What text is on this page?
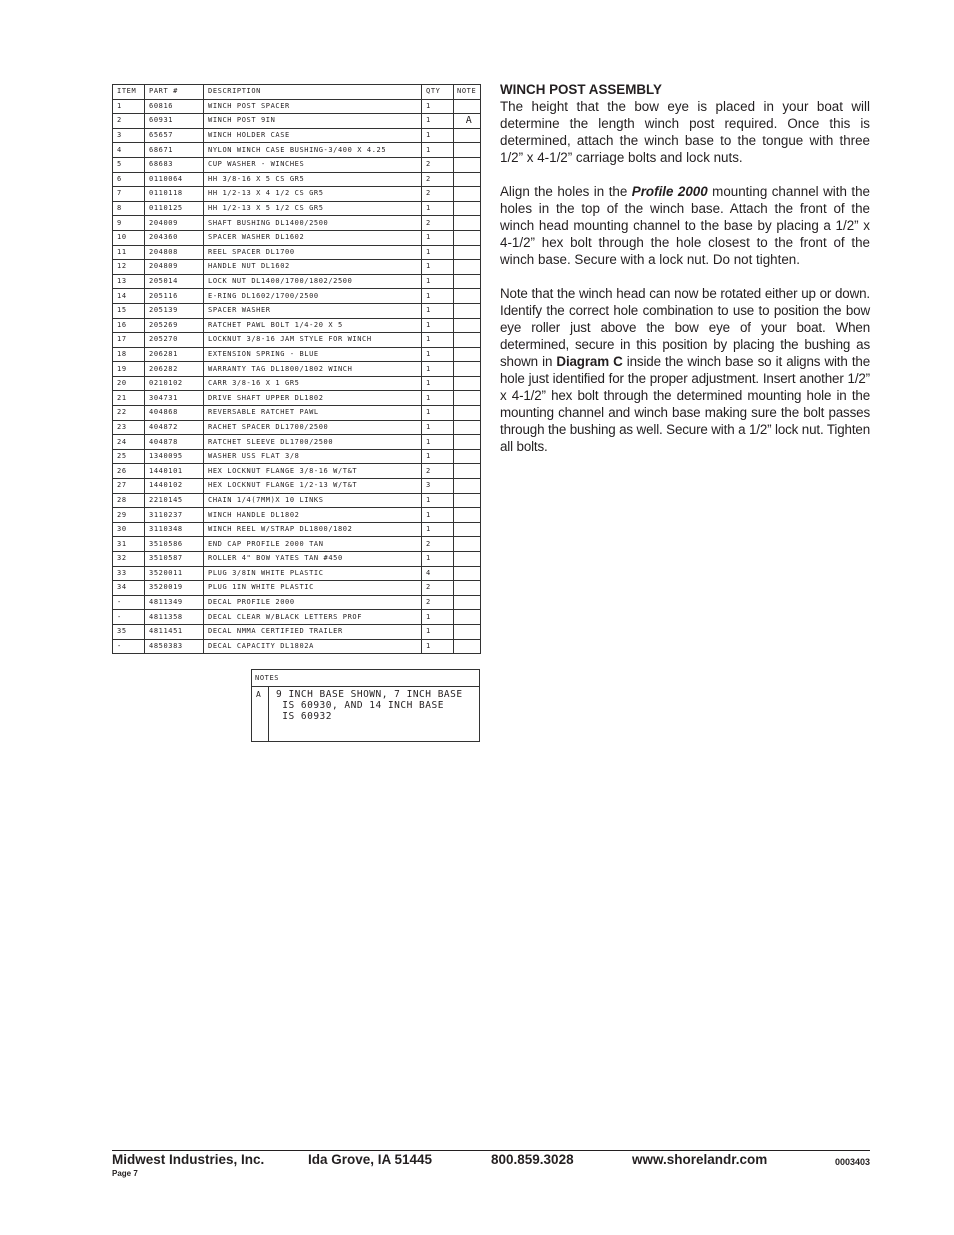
ITEM	PART #	DESCRIPTION	QTY	NOTE
1	60816	WINCH POST SPACER	1	
2	60931	WINCH POST 9IN	1	A
3	65657	WINCH HOLDER CASE	1	
4	68671	NYLON WINCH CASE BUSHING-3/400 X 4.25	1	
5	68683	CUP WASHER - WINCHES	2	
6	0110064	HH 3/8-16 X 5 CS GR5	2	
7	0110118	HH 1/2-13 X 4 1/2 CS GR5	2	
8	0110125	HH 1/2-13 X 5 1/2 CS GR5	1	
9	204009	SHAFT BUSHING DL1400/2500	2	
10	204360	SPACER WASHER DL1602	1	
11	204808	REEL SPACER DL1700	1	
12	204809	HANDLE NUT DL1602	1	
13	205014	LOCK NUT DL1400/1700/1802/2500	1	
14	205116	E-RING DL1602/1700/2500	1	
15	205139	SPACER WASHER	1	
16	205269	RATCHET PAWL BOLT 1/4-20 X 5	1	
17	205270	LOCKNUT 3/8-16 JAM STYLE FOR WINCH	1	
18	206281	EXTENSION SPRING - BLUE	1	
19	206282	WARRANTY TAG DL1800/1802 WINCH	1	
20	0210102	CARR 3/8-16 X 1 GR5	1	
21	304731	DRIVE SHAFT UPPER DL1802	1	
22	404868	REVERSABLE RATCHET PAWL	1	
23	404872	RACHET SPACER DL1700/2500	1	
24	404878	RATCHET SLEEVE DL1700/2500	1	
25	1340095	WASHER USS FLAT 3/8	1	
26	1440101	HEX LOCKNUT FLANGE 3/8-16 W/T&T	2	
27	1440102	HEX LOCKNUT FLANGE 1/2-13 W/T&T	3	
28	2210145	CHAIN 1/4(7MM)X 10 LINKS	1	
29	3110237	WINCH HANDLE DL1802	1	
30	3110348	WINCH REEL W/STRAP DL1800/1802	1	
31	3510586	END CAP PROFILE 2000 TAN	2	
32	3510587	ROLLER 4" BOW YATES TAN #450	1	
33	3520011	PLUG 3/8IN WHITE PLASTIC	4	
34	3520019	PLUG 1IN WHITE PLASTIC	2	
-	4811349	DECAL PROFILE 2000	2	
-	4811358	DECAL CLEAR W/BLACK LETTERS PROF	1	
35	4811451	DECAL NMMA CERTIFIED TRAILER	1	
-	4850383	DECAL CAPACITY DL1802A	1	
NOTES
A	9 INCH BASE SHOWN, 7 INCH BASE
IS 60930, AND 14 INCH BASE
IS 60932
WINCH POST ASSEMBLY

The height that the bow eye is placed in your boat will determine the length winch post required. Once this is determined, attach the winch base to the tongue with three 1/2” x 4-1/2” carriage bolts and lock nuts.

Align the holes in the Profile 2000 mounting channel with the holes in the top of the winch base. Attach the front of the winch head mounting channel to the base by placing a 1/2” x 4-1/2” hex bolt through the hole closest to the front of the winch base. Secure with a lock nut. Do not tighten.

Note that the winch head can now be rotated either up or down. Identify the correct hole combination to use to position the bow eye roller just above the bow eye of your boat. When determined, secure in this position by placing the bushing as shown in Diagram C inside the winch base so it aligns with the hole just identified for the proper adjustment. Insert another 1/2” x 4-1/2” hex bolt through the determined mounting hole in the mounting channel and winch base making sure the bolt passes through the bushing as well. Secure with a 1/2” lock nut. Tighten all bolts.

Midwest Industries, Inc.	Ida Grove, IA 51445	800.859.3028	www.shorelandr.com	0003403
Page 7
